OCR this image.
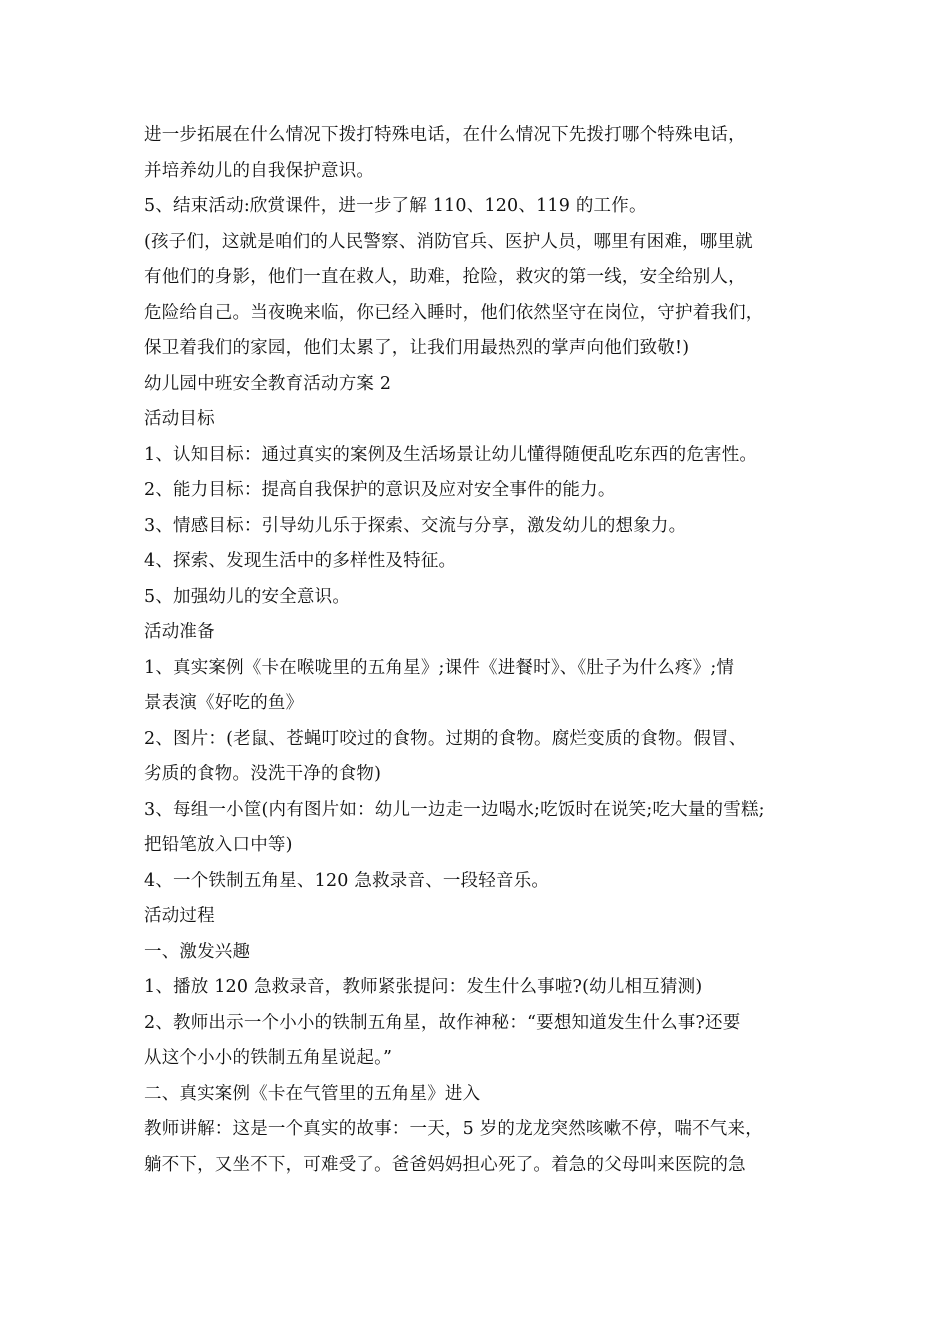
进一步拓展在什么情况下拨打特殊电话，在什么情况下先拨打哪个特殊电话，
并培养幼儿的自我保护意识。
5、结束活动:欣赏课件，进一步了解 110、120、119 的工作。
(孩子们，这就是咱们的人民警察、消防官兵、医护人员，哪里有困难，哪里就
有他们的身影，他们一直在救人，助难，抢险，救灾的第一线，安全给别人，
危险给自己。当夜晚来临，你已经入睡时，他们依然坚守在岗位，守护着我们，
保卫着我们的家园，他们太累了，让我们用最热烈的掌声向他们致敬!)
幼儿园中班安全教育活动方案 2
活动目标
1、认知目标：通过真实的案例及生活场景让幼儿懂得随便乱吃东西的危害性。
2、能力目标：提高自我保护的意识及应对安全事件的能力。
3、情感目标：引导幼儿乐于探索、交流与分享，激发幼儿的想象力。
4、探索、发现生活中的多样性及特征。
5、加强幼儿的安全意识。
活动准备
1、真实案例《卡在喉咙里的五角星》;课件《进餐时》、《肚子为什么疼》;情
景表演《好吃的鱼》
2、图片：(老鼠、苍蝇叮咬过的食物。过期的食物。腐烂变质的食物。假冒、
劣质的食物。没洗干净的食物)
3、每组一小筐(内有图片如：幼儿一边走一边喝水;吃饭时在说笑;吃大量的雪糕;
把铅笔放入口中等)
4、一个铁制五角星、120 急救录音、一段轻音乐。
活动过程
一、激发兴趣
1、播放 120 急救录音，教师紧张提问：发生什么事啦?(幼儿相互猜测)
2、教师出示一个小小的铁制五角星，故作神秘：“要想知道发生什么事?还要
从这个小小的铁制五角星说起。”
二、真实案例《卡在气管里的五角星》进入
教师讲解：这是一个真实的故事：一天，5 岁的龙龙突然咳嗽不停，喘不气来，
躺不下，又坐不下，可难受了。爸爸妈妈担心死了。着急的父母叫来医院的急
